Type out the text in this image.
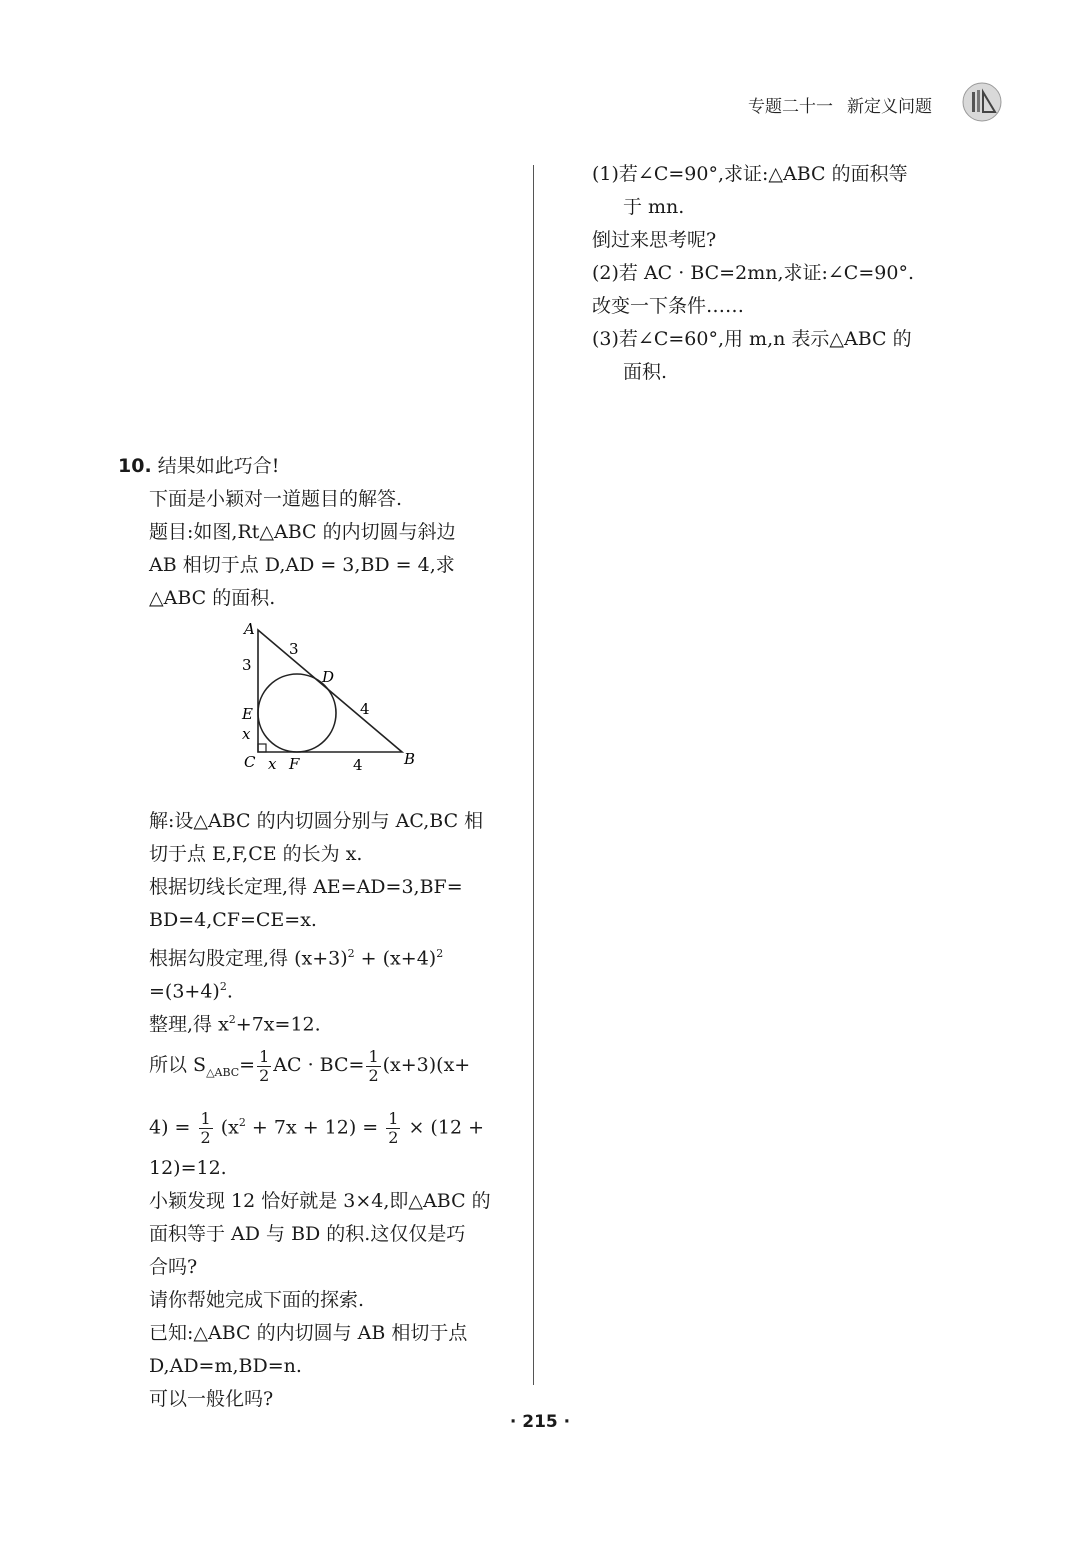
专题二十一 新定义问题
10. 结果如此巧合!
下面是小颖对一道题目的解答.
题目:如图,Rt△ABC 的内切圆与斜边
AB 相切于点 D,AD = 3,BD = 4,求
△ABC 的面积.
解:设△ABC 的内切圆分别与 AC,BC 相
切于点 E,F,CE 的长为 x.
根据切线长定理,得 AE=AD=3,BF=
BD=4,CF=CE=x.
根据勾股定理,得 $(x+3)^2 + (x+4)^2$
$=(3+4)^2$.
整理,得 $x^2+7x=12$.
所以 $S_{\triangle ABC}= \frac{1}{2}$ AC · $BC= \frac{1}{2} (x+3)(x+$
$4) = \frac{1}{2} (x^2 + 7x + 12) = \frac{1}{2} \times (12$ +
12)=12.
小颖发现 12 恰好就是 3×4,即△ABC 的
面积等于 AD 与 BD 的积.这仅仅是巧
合吗?
请你帮她完成下面的探索.
已知:△ABC 的内切圆与 AB 相切于点
D,AD=m,BD=n.
可以一般化吗?
A
D
E
C F	B
3
3
4
4
x
x
(1)若∠C=90°,求证:△ABC 的面积等
于 mn.
倒过来思考呢?
(2)若 AC · BC=2mn,求证:∠C=90°.
改变一下条件……
(3)若∠C=60°,用 m,n 表示△ABC 的
面积.
· 215 ·
